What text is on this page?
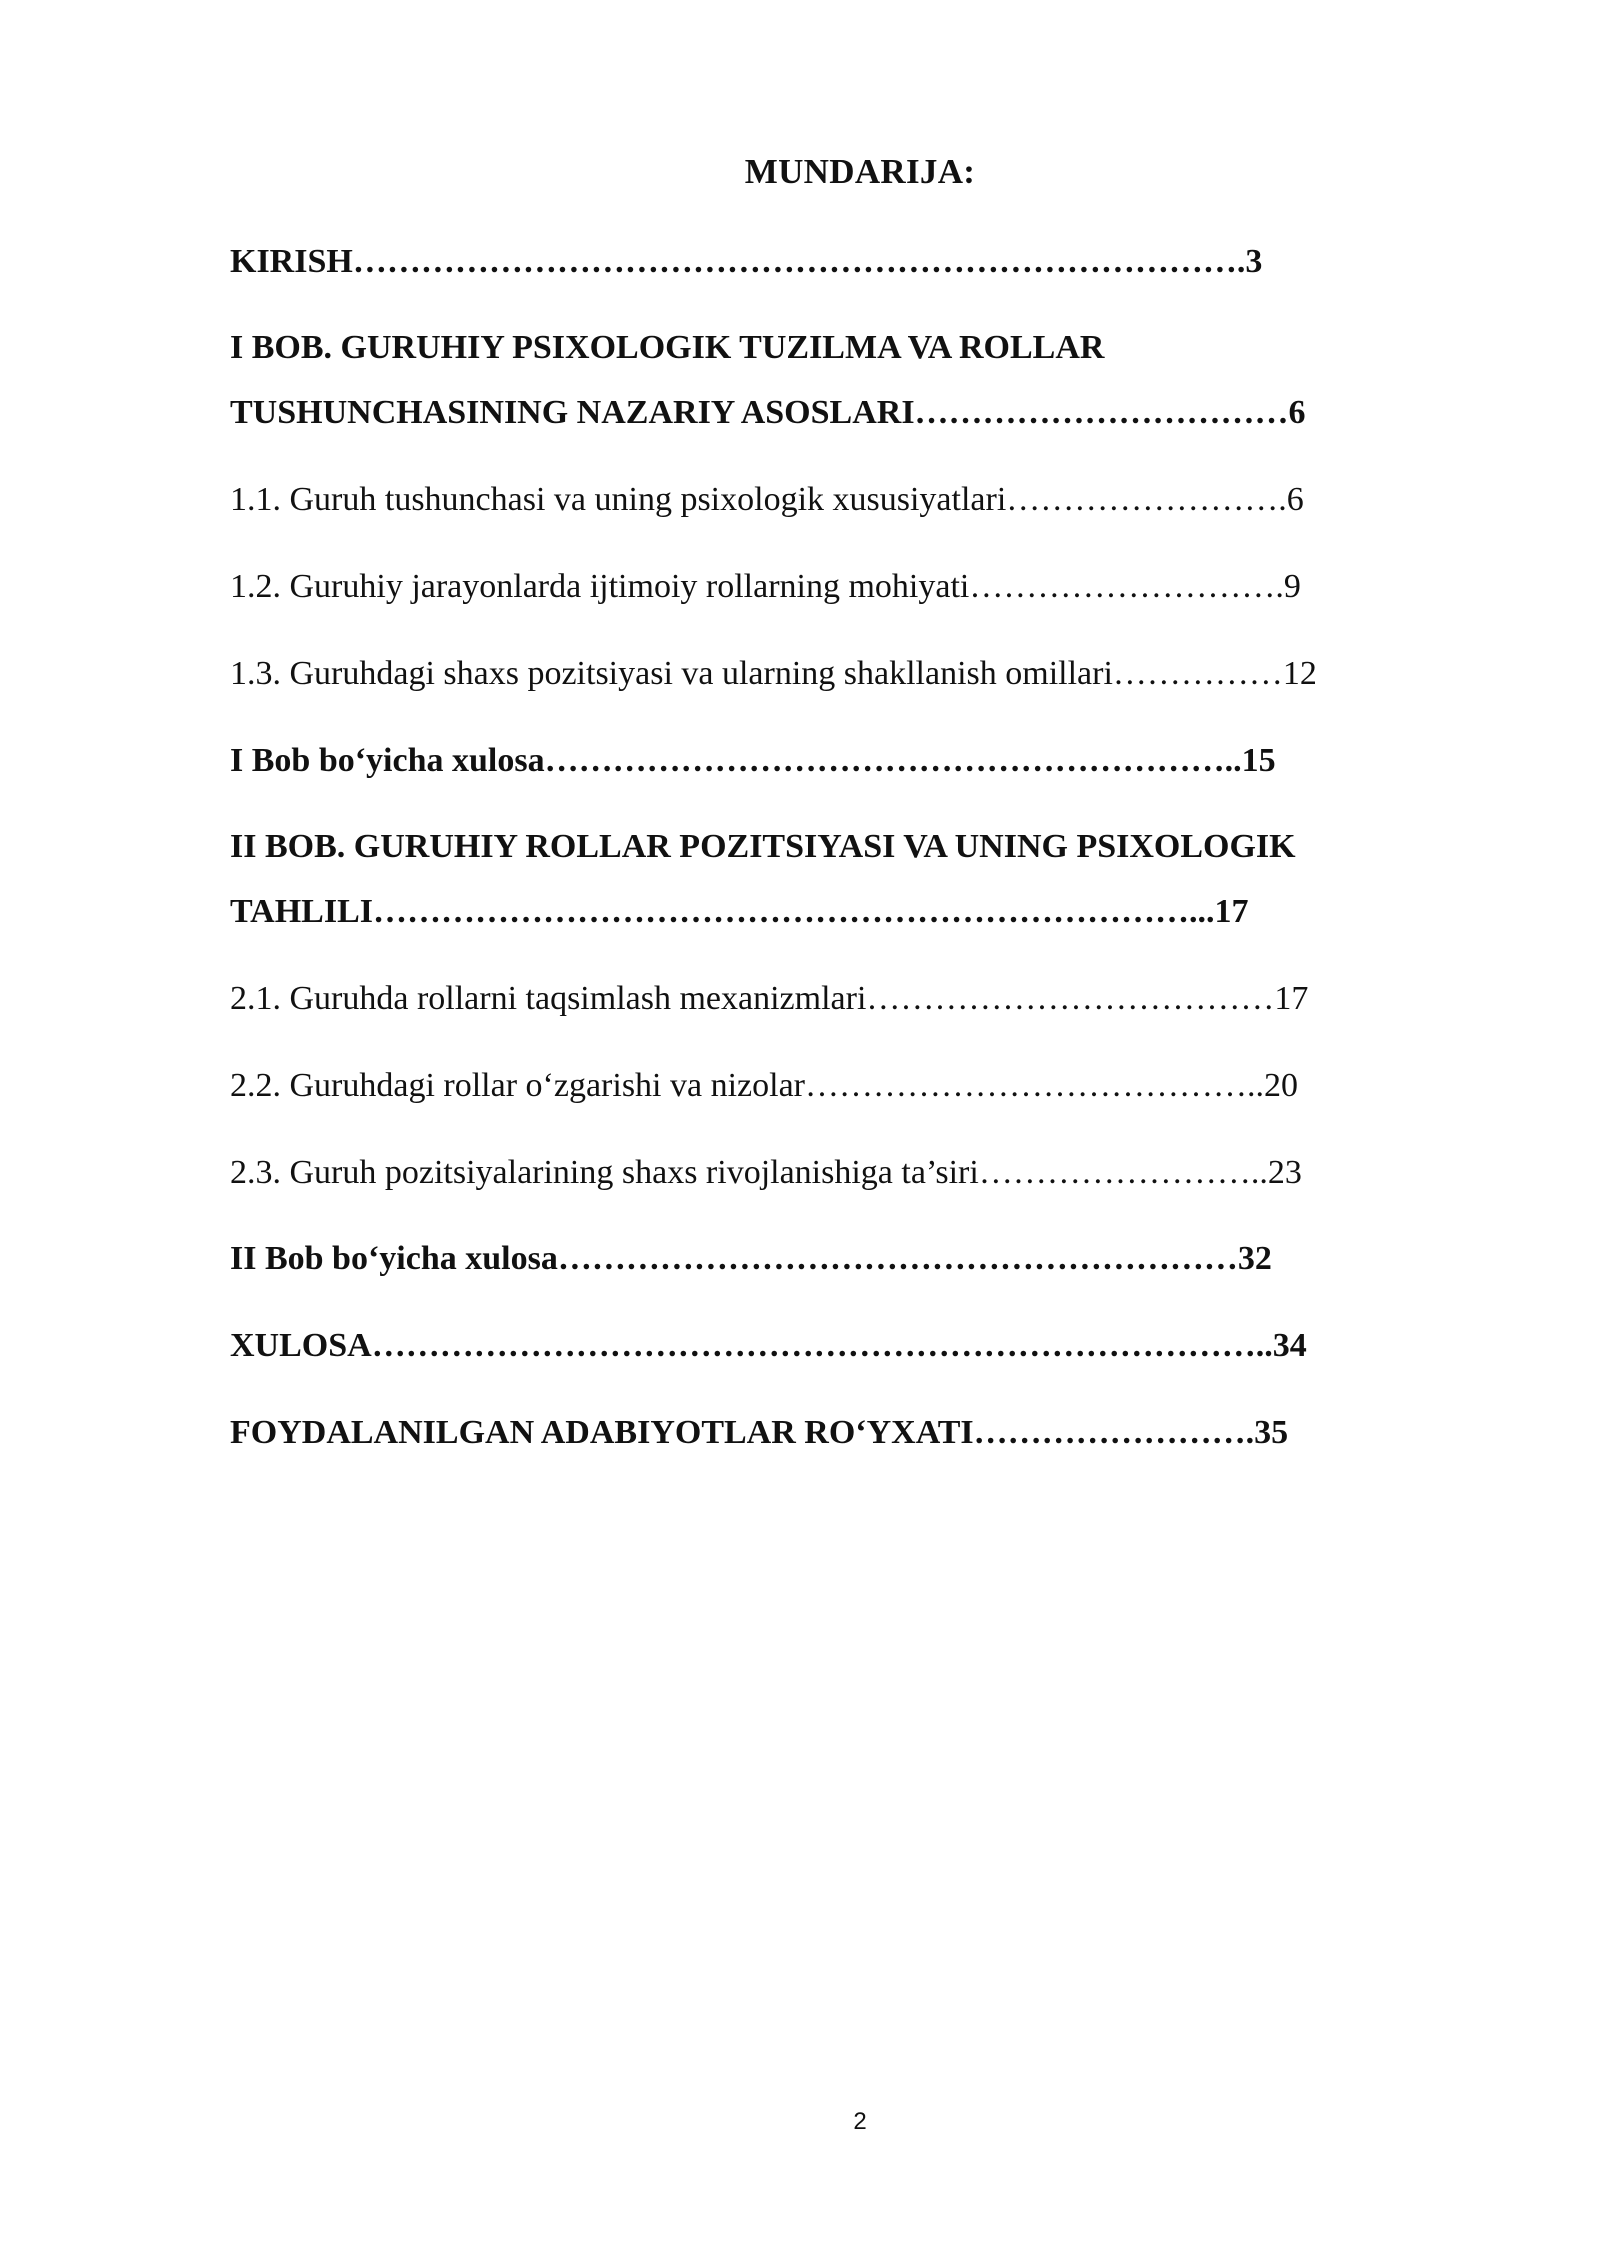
MUNDARIJA:
KIRISH…………………………………………………………………….3
I BOB. GURUHIY PSIXOLOGIK TUZILMA VA ROLLAR
TUSHUNCHASINING NAZARIY ASOSLARI……………………………6
1.1. Guruh tushunchasi va uning psixologik xususiyatlari…………………….6
1.2. Guruhiy jarayonlarda ijtimoiy rollarning mohiyati……………………….9
1.3. Guruhdagi shaxs pozitsiyasi va ularning shakllanish omillari……………12
I Bob bo‘yicha xulosa……………………………………………………..15
II BOB. GURUHIY ROLLAR POZITSIYASI VA UNING PSIXOLOGIK
TAHLILI………………………………………………………………...17
2.1. Guruhda rollarni taqsimlash mexanizmlari………………………………17
2.2. Guruhdagi rollar o‘zgarishi va nizolar…………………………………..20
2.3. Guruh pozitsiyalarining shaxs rivojlanishiga ta’siri……………………..23
II Bob bo‘yicha xulosa……………………………………………………32
XULOSA……………………………………………………………………..34
FOYDALANILGAN ADABIYOTLAR RO‘YXATI…………………….35
2
